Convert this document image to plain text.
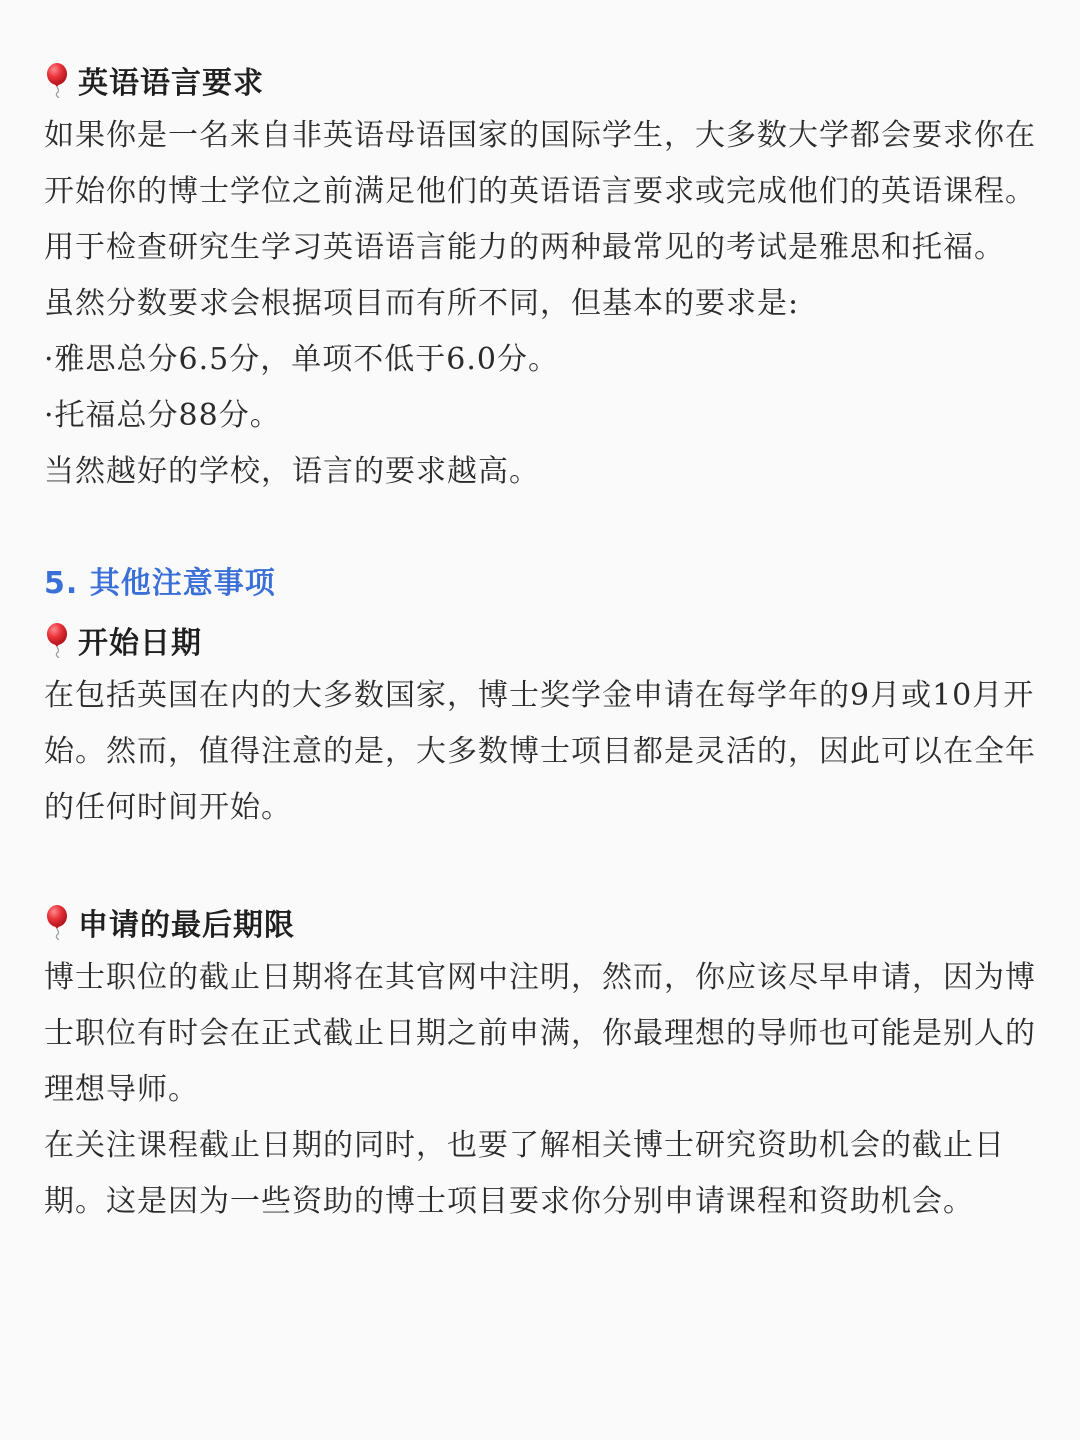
英语语言要求

如果你是一名来自非英语母语国家的国际学生，大多数大学都会要求你在开始你的博士学位之前满足他们的英语语言要求或完成他们的英语课程。

用于检查研究生学习英语语言能力的两种最常见的考试是雅思和托福。

虽然分数要求会根据项目而有所不同，但基本的要求是:

·雅思总分6.5分，单项不低于6.0分。

·托福总分88分。

当然越好的学校，语言的要求越高。

5. 其他注意事项
开始日期

在包括英国在内的大多数国家，博士奖学金申请在每学年的9月或10月开始。然而，值得注意的是，大多数博士项目都是灵活的，因此可以在全年的任何时间开始。

申请的最后期限

博士职位的截止日期将在其官网中注明，然而，你应该尽早申请，因为博士职位有时会在正式截止日期之前申满，你最理想的导师也可能是别人的理想导师。

在关注课程截止日期的同时，也要了解相关博士研究资助机会的截止日期。这是因为一些资助的博士项目要求你分别申请课程和资助机会。
